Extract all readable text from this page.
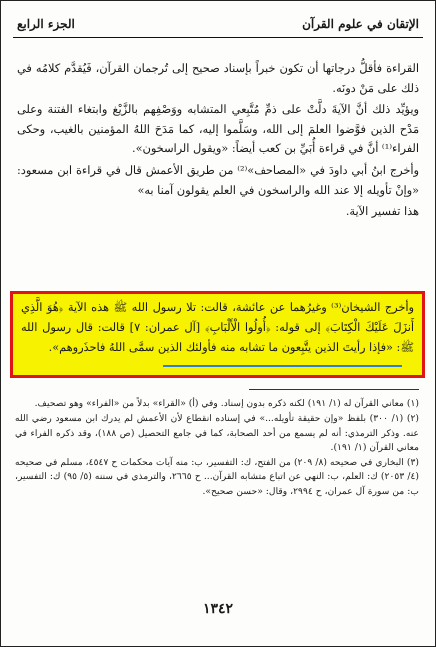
الإتقان في علوم القرآن
الجزء الرابع

القراءة فأقلُّ درجاتها أن تكون خبراً بإسناد صحيح إلى تُرجمان القرآن، فَيُقدَّم كلامُه في ذلك على مَنْ دونَه.

ويؤيِّد ذلك أنَّ الآيةَ دلَّتْ على ذمِّ مُتَّبِعي المتشابه ووَصْفِهم بالزَّيْغ وابتغاء الفتنة وعلى مَدْح الذين فوَّضوا العلمَ إلى الله، وسَلَّموا إليه، كما مَدَحَ اللهُ المؤمنين بالغيب، وحكى الفراء⁽¹⁾ أنَّ في قراءة أُبَيِّ بن كعب أيضاً: «ويقول الراسخون».

وأخرج ابنُ أبي داودَ في «المصاحف»⁽²⁾ من طريق الأعمش قال في قراءة ابن مسعود: «وإنْ تأويله إلا عند الله والراسخون في العلم يقولون آمنا به»

هذا تفسير الآية.

وأخرج الشيخان⁽³⁾ وغيرُهما عن عائشة، قالت: تلا رسول الله ﷺ هذه الآية ﴿هُوَ الَّذِي أَنزَلَ عَلَيْكَ الْكِتَابَ﴾ إلى قوله: ﴿أُولُوا الْأَلْبَابِ﴾ [آل عمران: ٧] قالت: قال رسول الله ﷺ: «فإذا رأيتَ الذين يتَّبِعون ما تشابه منه فأولئك الذين سمَّى اللهُ فاحذَروهم».

(١) معاني القرآن له (١/ ١٩١) لكنه ذكره بدون إسناد. وفي (أ) «القراء» بدلاً من «الفراء» وهو تصحيف.

(٢) (١/ ٣٠٠) بلفظ «وإن حقيقة تأويله...» في إسناده انقطاع لأن الأعمش لم يدرك ابن مسعود رضي الله عنه. وذكر الترمذي: أنه لم يسمع من أحد الصحابة، كما في جامع التحصيل (ص ١٨٨)، وقد ذكره الفراء في معاني القرآن (١/ ١٩١).

(٣) البخاري في صحيحه (٨/ ٢٠٩) من الفتح، ك: التفسير، ب: منه آيات محكمات ح ٤٥٤٧، مسلم في صحيحه (٤/ ٢٠٥٣) ك: العلم، ب: النهي عن اتباع متشابه القرآن... ح ٢٦٦٥، والترمذي في سننه (٥/ ٩٥) ك: التفسير، ب: من سورة آل عمران، ح ٢٩٩٤، وقال: «حسن صحيح».

١٣٤٢
